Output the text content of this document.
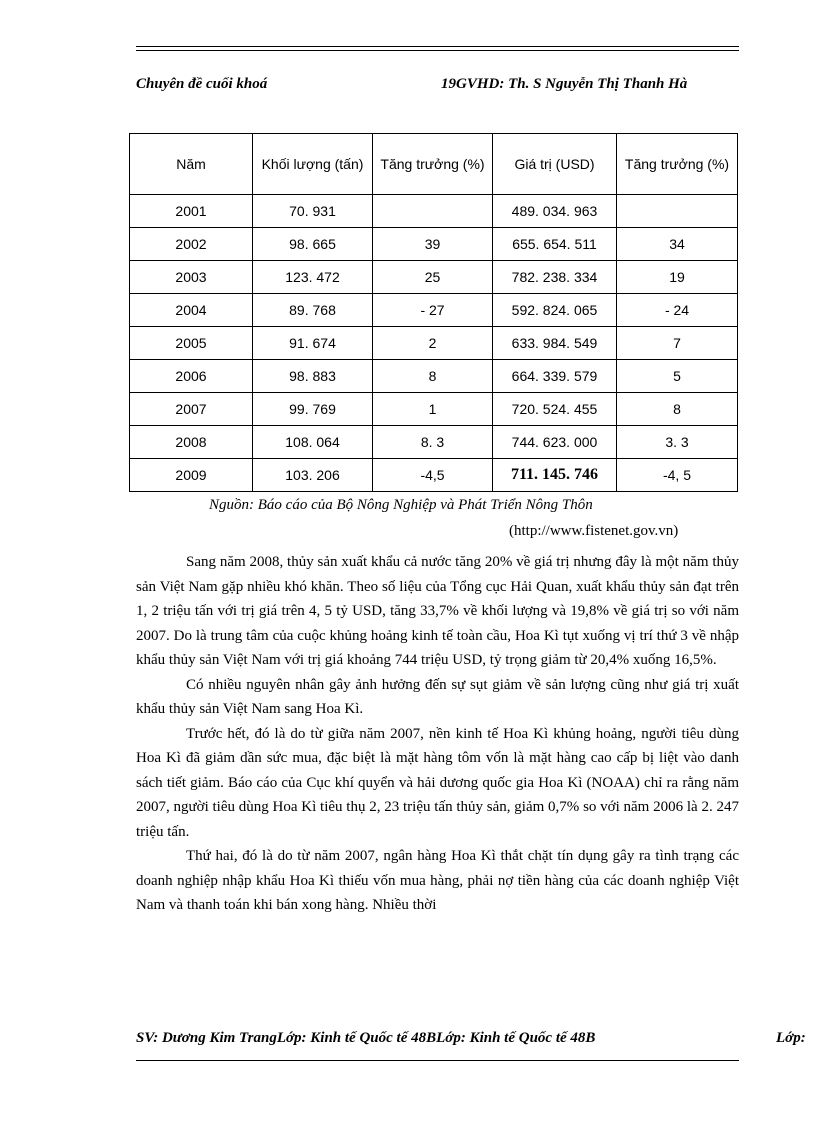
Chuyên đề cuối khoá	19GVHD: Th. S Nguyễn Thị Thanh Hà
Năm	Khối lượng (tấn)	Tăng trưởng (%)	Giá trị (USD)	Tăng trưởng (%)
2001	70. 931		489. 034. 963	
2002	98. 665	39	655. 654. 511	34
2003	123. 472	25	782. 238. 334	19
2004	89. 768	- 27	592. 824. 065	- 24
2005	91. 674	2	633. 984. 549	7
2006	98. 883	8	664. 339. 579	5
2007	99. 769	1	720. 524. 455	8
2008	108. 064	8. 3	744. 623. 000	3. 3
2009	103. 206	-4,5	711. 145. 746	-4, 5
Nguồn: Báo cáo của Bộ Nông Nghiệp và Phát Triển Nông Thôn
(http://www.fistenet.gov.vn)

Sang năm 2008, thủy sản xuất khẩu cả nước tăng 20% về giá trị nhưng đây là một năm thủy sản Việt Nam gặp nhiều khó khăn. Theo số liệu của Tổng cục Hải Quan, xuất khẩu thủy sản đạt trên 1, 2 triệu tấn với trị giá trên 4, 5 tỷ USD, tăng 33,7% về khối lượng và 19,8% về giá trị so với năm 2007. Do là trung tâm của cuộc khủng hoảng kinh tế toàn cầu, Hoa Kì tụt xuống vị trí thứ 3 về nhập khẩu thủy sản Việt Nam với trị giá khoảng 744 triệu USD, tỷ trọng giảm từ 20,4% xuống 16,5%.

Có nhiều nguyên nhân gây ảnh hưởng đến sự sụt giảm về sản lượng cũng như giá trị xuất khẩu thủy sản Việt Nam sang Hoa Kì.

Trước hết, đó là do từ giữa năm 2007, nền kinh tế Hoa Kì khủng hoảng, người tiêu dùng Hoa Kì đã giảm dần sức mua, đặc biệt là mặt hàng tôm vốn là mặt hàng cao cấp bị liệt vào danh sách tiết giảm. Báo cáo của Cục khí quyển và hải dương quốc gia Hoa Kì (NOAA) chỉ ra rằng năm 2007, người tiêu dùng Hoa Kì tiêu thụ 2, 23 triệu tấn thủy sản, giảm 0,7% so với năm 2006 là 2. 247 triệu tấn.

Thứ hai, đó là do từ năm 2007, ngân hàng Hoa Kì thắt chặt tín dụng gây ra tình trạng các doanh nghiệp nhập khẩu Hoa Kì thiếu vốn mua hàng, phải nợ tiền hàng của các doanh nghiệp Việt Nam và thanh toán khi bán xong hàng. Nhiều thời

SV: Dương Kim TrangLớp: Kinh tế Quốc tế 48BLớp: Kinh tế Quốc tế 48B	Lớp:
